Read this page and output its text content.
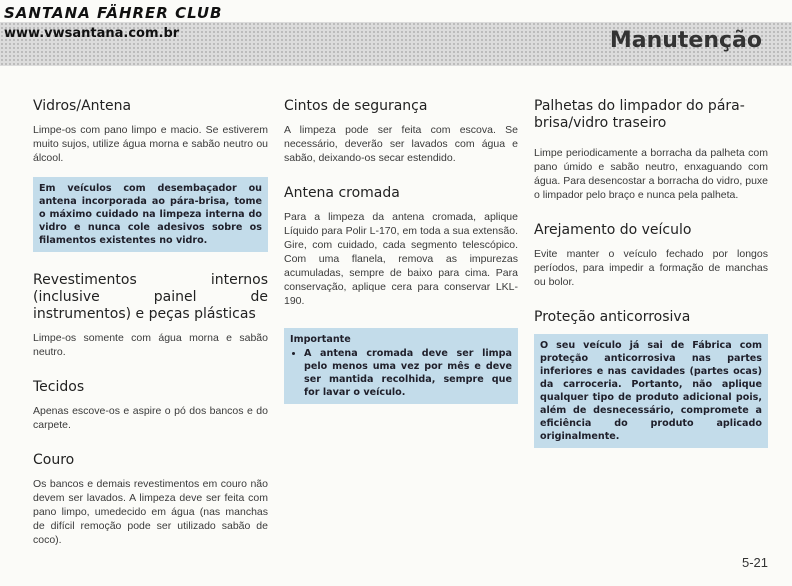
SANTANA FÄHRER CLUB
www.vwsantana.com.br	Manutenção
Vidros/Antena

Limpe-os com pano limpo e macio. Se estiverem muito sujos, utilize água morna e sabão neutro ou álcool.

Em veículos com desembaçador ou antena incorporada ao pára-brisa, tome o máximo cuidado na limpeza interna do vidro e nunca cole adesivos sobre os filamentos existentes no vidro.
Revestimentos internos (inclusive painel de instrumentos) e peças plásticas

Limpe-os somente com água morna e sabão neutro.

Tecidos

Apenas escove-os e aspire o pó dos bancos e do carpete.

Couro

Os bancos e demais revestimentos em couro não devem ser lavados. A limpeza deve ser feita com pano limpo, umedecido em água (nas manchas de difícil remoção pode ser utilizado sabão de coco).

Cintos de segurança

A limpeza pode ser feita com escova. Se necessário, deverão ser lavados com água e sabão, deixando-os secar estendido.

Antena cromada

Para a limpeza da antena cromada, aplique Líquido para Polir L-170, em toda a sua extensão. Gire, com cuidado, cada segmento telescópico. Com uma flanela, remova as impurezas acumuladas, sempre de baixo para cima. Para conservação, aplique cera para conservar LKL-190.

Importante
• A antena cromada deve ser limpa pelo menos uma vez por mês e deve ser mantida recolhida, sempre que for lavar o veículo.
Palhetas do limpador do pára-brisa/vidro traseiro

Limpe periodicamente a borracha da palheta com pano úmido e sabão neutro, enxaguando com água. Para desencostar a borracha do vidro, puxe o limpador pelo braço e nunca pela palheta.

Arejamento do veículo

Evite manter o veículo fechado por longos períodos, para impedir a formação de manchas ou bolor.

Proteção anticorrosiva
O seu veículo já sai de Fábrica com proteção anticorrosiva nas partes inferiores e nas cavidades (partes ocas) da carroceria. Portanto, não aplique qualquer tipo de produto adicional pois, além de desnecessário, compromete a eficiência do produto aplicado originalmente.
5-21
